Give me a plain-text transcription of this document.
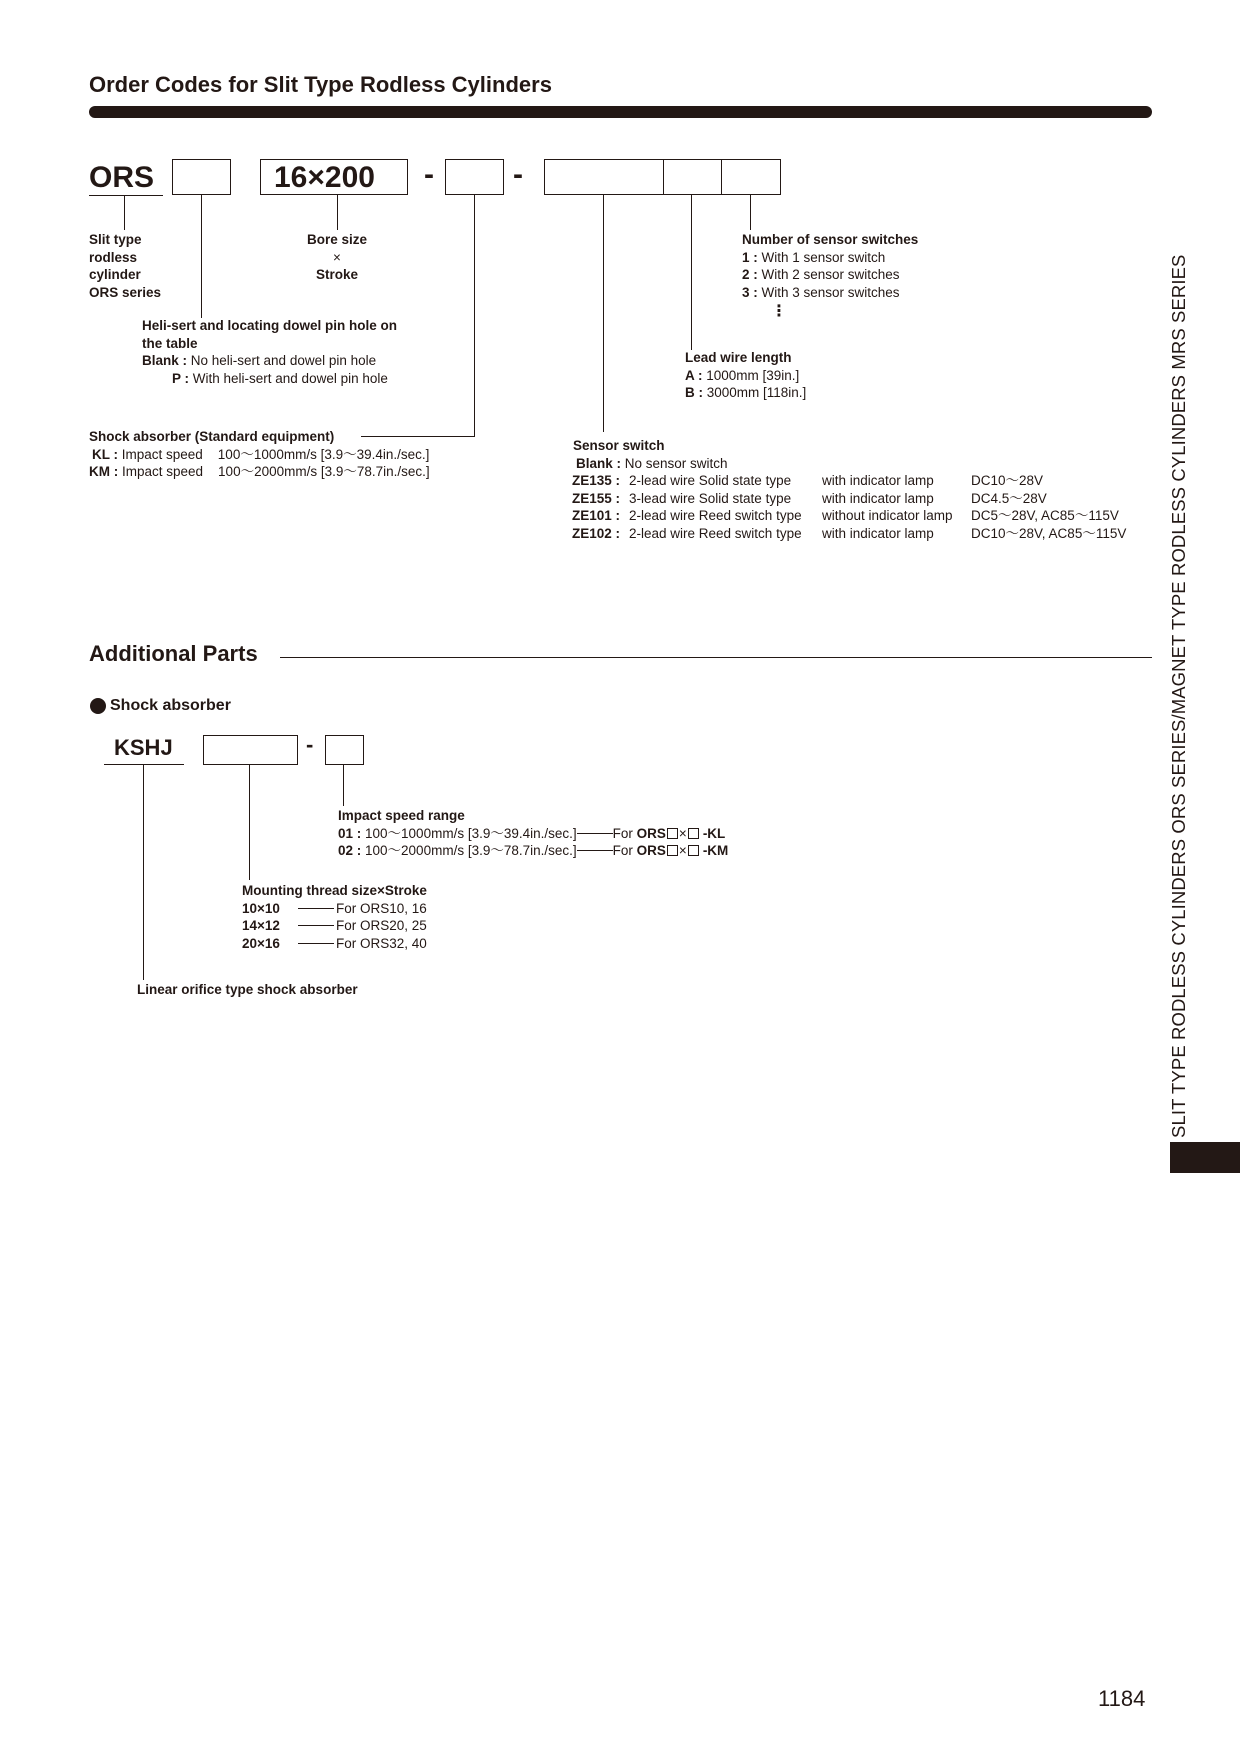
Order Codes for Slit Type Rodless Cylinders
ORS	16×200 -	-
Slit type
rodless
cylinder
ORS series
Bore size
×
Stroke
Heli-sert and locating dowel pin hole on
the table
Blank : No heli-sert and dowel pin hole
P : With heli-sert and dowel pin hole
Shock absorber (Standard equipment)
KL : Impact speed    100～1000mm/s [3.9～39.4in./sec.]
KM : Impact speed    100～2000mm/s [3.9～78.7in./sec.]
Number of sensor switches
1 : With 1 sensor switch
2 : With 2 sensor switches
3 : With 3 sensor switches
⋮
Lead wire length
A : 1000mm [39in.]
B : 3000mm [118in.]
Sensor switch
Blank : No sensor switch
ZE135 : 2-lead wire Solid state type with indicator lamp	DC10～28V
ZE155 : 3-lead wire Solid state type with indicator lamp	DC4.5～28V
ZE101 : 2-lead wire Reed switch type without indicator lamp DC5～28V, AC85～115V
ZE102 : 2-lead wire Reed switch type with indicator lamp	DC10～28V, AC85～115V
Additional Parts
Shock absorber
KSHJ	-
Impact speed range
01 : 100～1000mm/s [3.9～39.4in./sec.]	For ORS × -KL
02 : 100～2000mm/s [3.9～78.7in./sec.]	For ORS × -KM
Mounting thread size×Stroke
10×10	For ORS10, 16
14×12	For ORS20, 25
20×16	For ORS32, 40
Linear orifice type shock absorber	SLIT TYPE RODLESS CYLINDERS ORS SERIES/MAGNET TYPE RODLESS CYLINDERS MRS SERIES
1184
